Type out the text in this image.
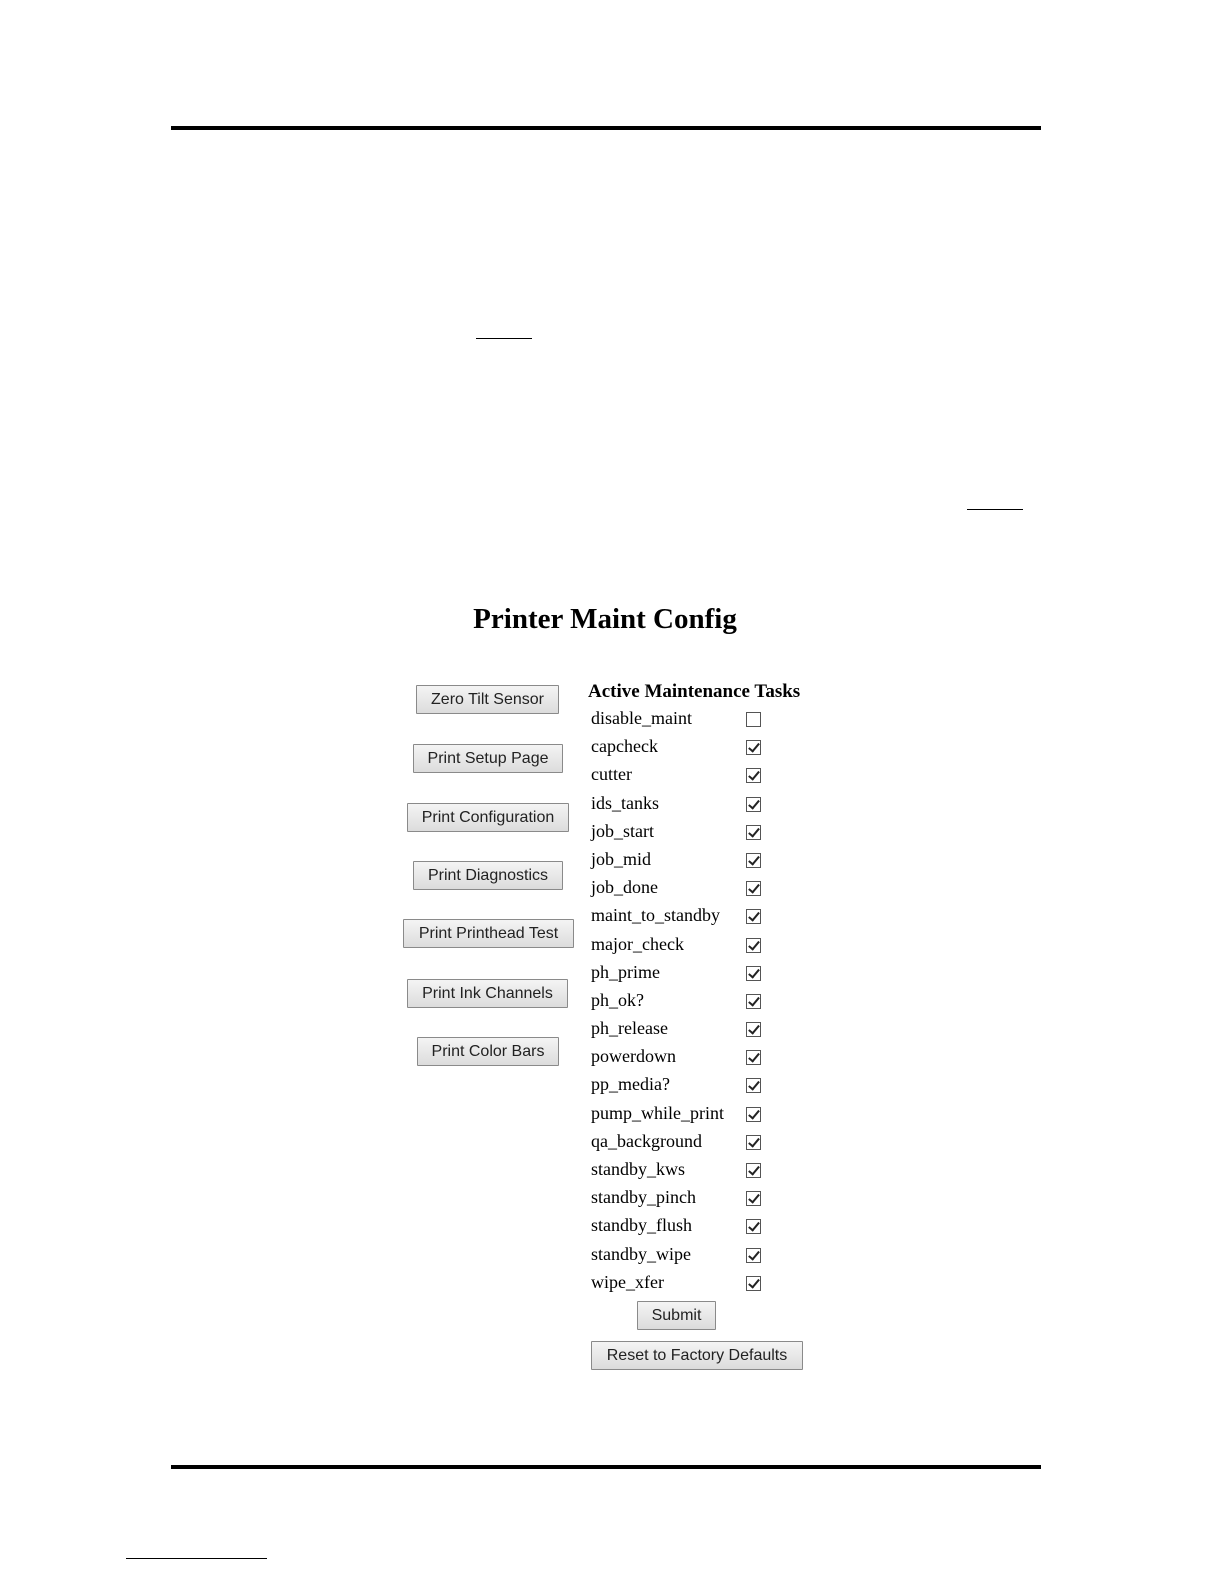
Printer Maint Config
Zero Tilt Sensor
Print Setup Page
Print Configuration
Print Diagnostics
Print Printhead Test
Print Ink Channels
Print Color Bars
Active Maintenance Tasks
disable_maint
capcheck
cutter
ids_tanks
job_start
job_mid
job_done
maint_to_standby
major_check
ph_prime
ph_ok?
ph_release
powerdown
pp_media?
pump_while_print
qa_background
standby_kws
standby_pinch
standby_flush
standby_wipe
wipe_xfer
Submit
Reset to Factory Defaults
